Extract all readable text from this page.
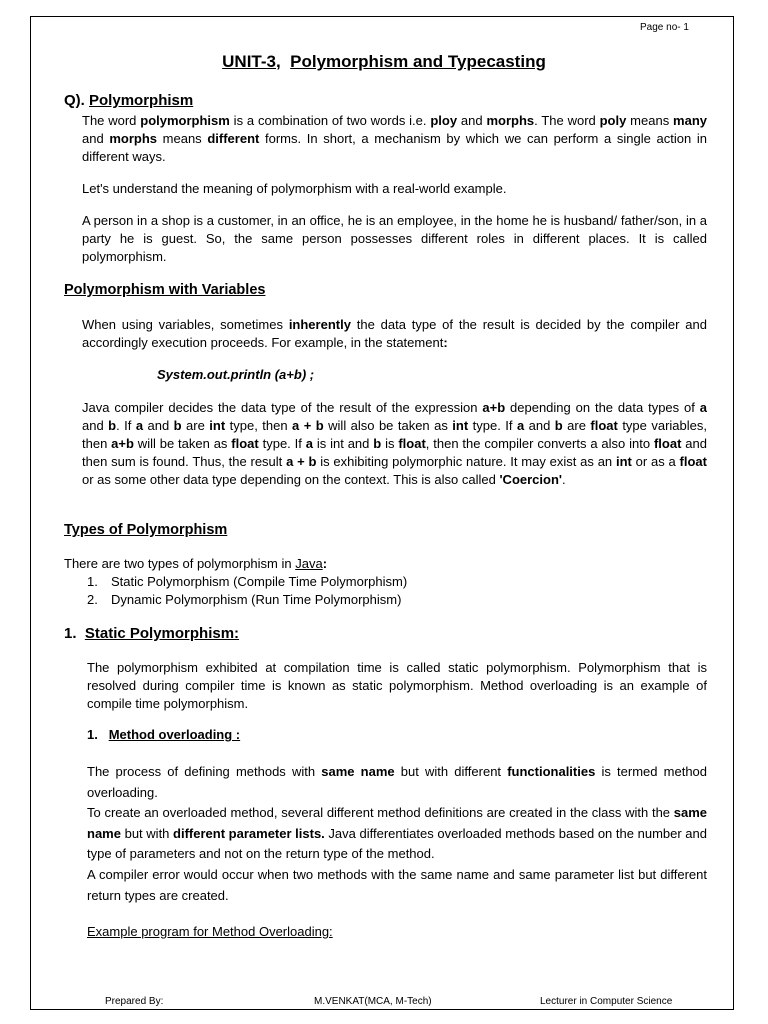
Page no- 1
UNIT-3, Polymorphism and Typecasting
Q). Polymorphism
The word polymorphism is a combination of two words i.e. ploy and morphs. The word poly means many and morphs means different forms. In short, a mechanism by which we can perform a single action in different ways.
Let's understand the meaning of polymorphism with a real-world example.
A person in a shop is a customer, in an office, he is an employee, in the home he is husband/ father/son, in a party he is guest. So, the same person possesses different roles in different places. It is called polymorphism.
Polymorphism with Variables
When using variables, sometimes inherently the data type of the result is decided by the compiler and accordingly execution proceeds. For example, in the statement:
System.out.println (a+b) ;
Java compiler decides the data type of the result of the expression a+b depending on the data types of a and b. If a and b are int type, then a + b will also be taken as int type. If a and b are float type variables, then a+b will be taken as float type. If a is int and b is float, then the compiler converts a also into float and then sum is found. Thus, the result a + b is exhibiting polymorphic nature. It may exist as an int or as a float or as some other data type depending on the context. This is also called 'Coercion'.
Types of Polymorphism
There are two types of polymorphism in Java:
1.	Static Polymorphism (Compile Time Polymorphism)
2.	Dynamic Polymorphism (Run Time Polymorphism)
1. Static Polymorphism:
The polymorphism exhibited at compilation time is called static polymorphism. Polymorphism that is resolved during compiler time is known as static polymorphism. Method overloading is an example of compile time polymorphism.
1. Method overloading :
The process of defining methods with same name but with different functionalities is termed method overloading.
To create an overloaded method, several different method definitions are created in the class with the same name but with different parameter lists. Java differentiates overloaded methods based on the number and type of parameters and not on the return type of the method.
A compiler error would occur when two methods with the same name and same parameter list but different return types are created.
Example program for Method Overloading:
Prepared By:	M.VENKAT(MCA, M-Tech)	Lecturer in Computer Science
